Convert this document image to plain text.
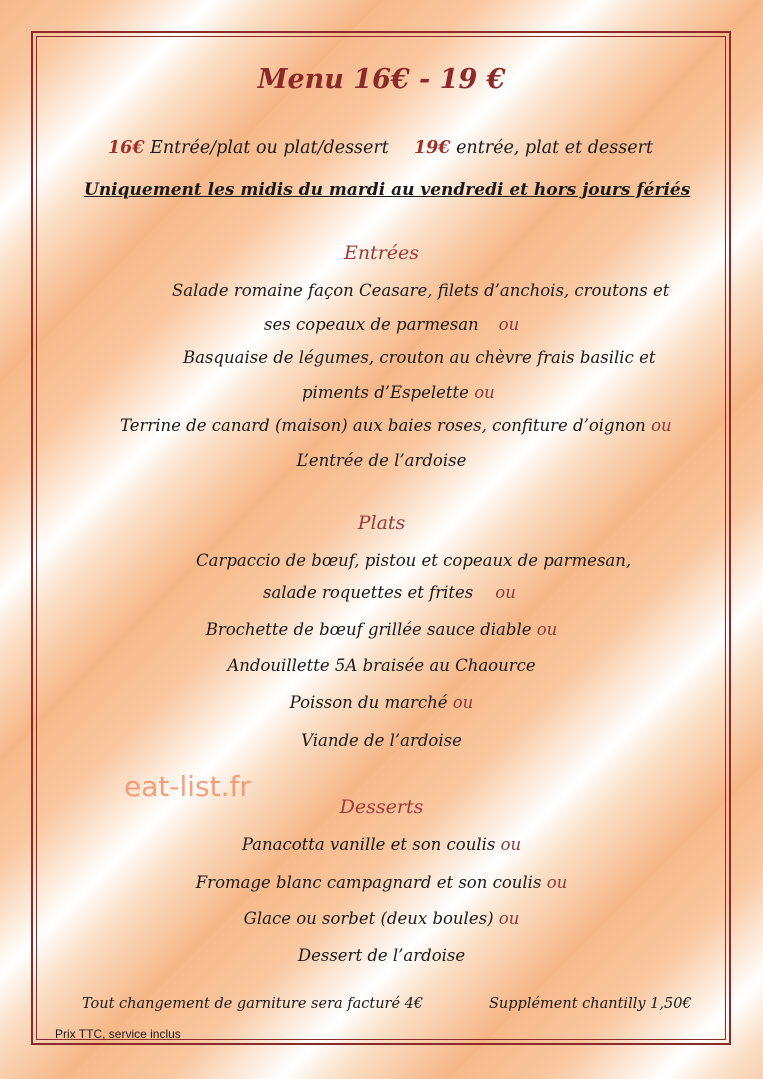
Menu 16€ - 19 €
16€ Entrée/plat ou plat/dessert 19€ entrée, plat et dessert
Uniquement les midis du mardi au vendredi et hors jours fériés
Entrées
Salade romaine façon Ceasare, filets d’anchois, croutons et
ses copeaux de parmesan ou
Basquaise de légumes, crouton au chèvre frais basilic et
piments d’Espelette ou
Terrine de canard (maison) aux baies roses, confiture d’oignon ou
L’entrée de l’ardoise
Plats
Carpaccio de bœuf, pistou et copeaux de parmesan,
salade roquettes et frites ou
Brochette de bœuf grillée sauce diable ou
Andouillette 5A braisée au Chaource
Poisson du marché ou
Viande de l’ardoise
eat-list.fr
Desserts
Panacotta vanille et son coulis ou
Fromage blanc campagnard et son coulis ou
Glace ou sorbet (deux boules) ou
Dessert de l’ardoise
Tout changement de garniture sera facturé 4€	Supplément chantilly 1,50€
Prix TTC, service inclus
